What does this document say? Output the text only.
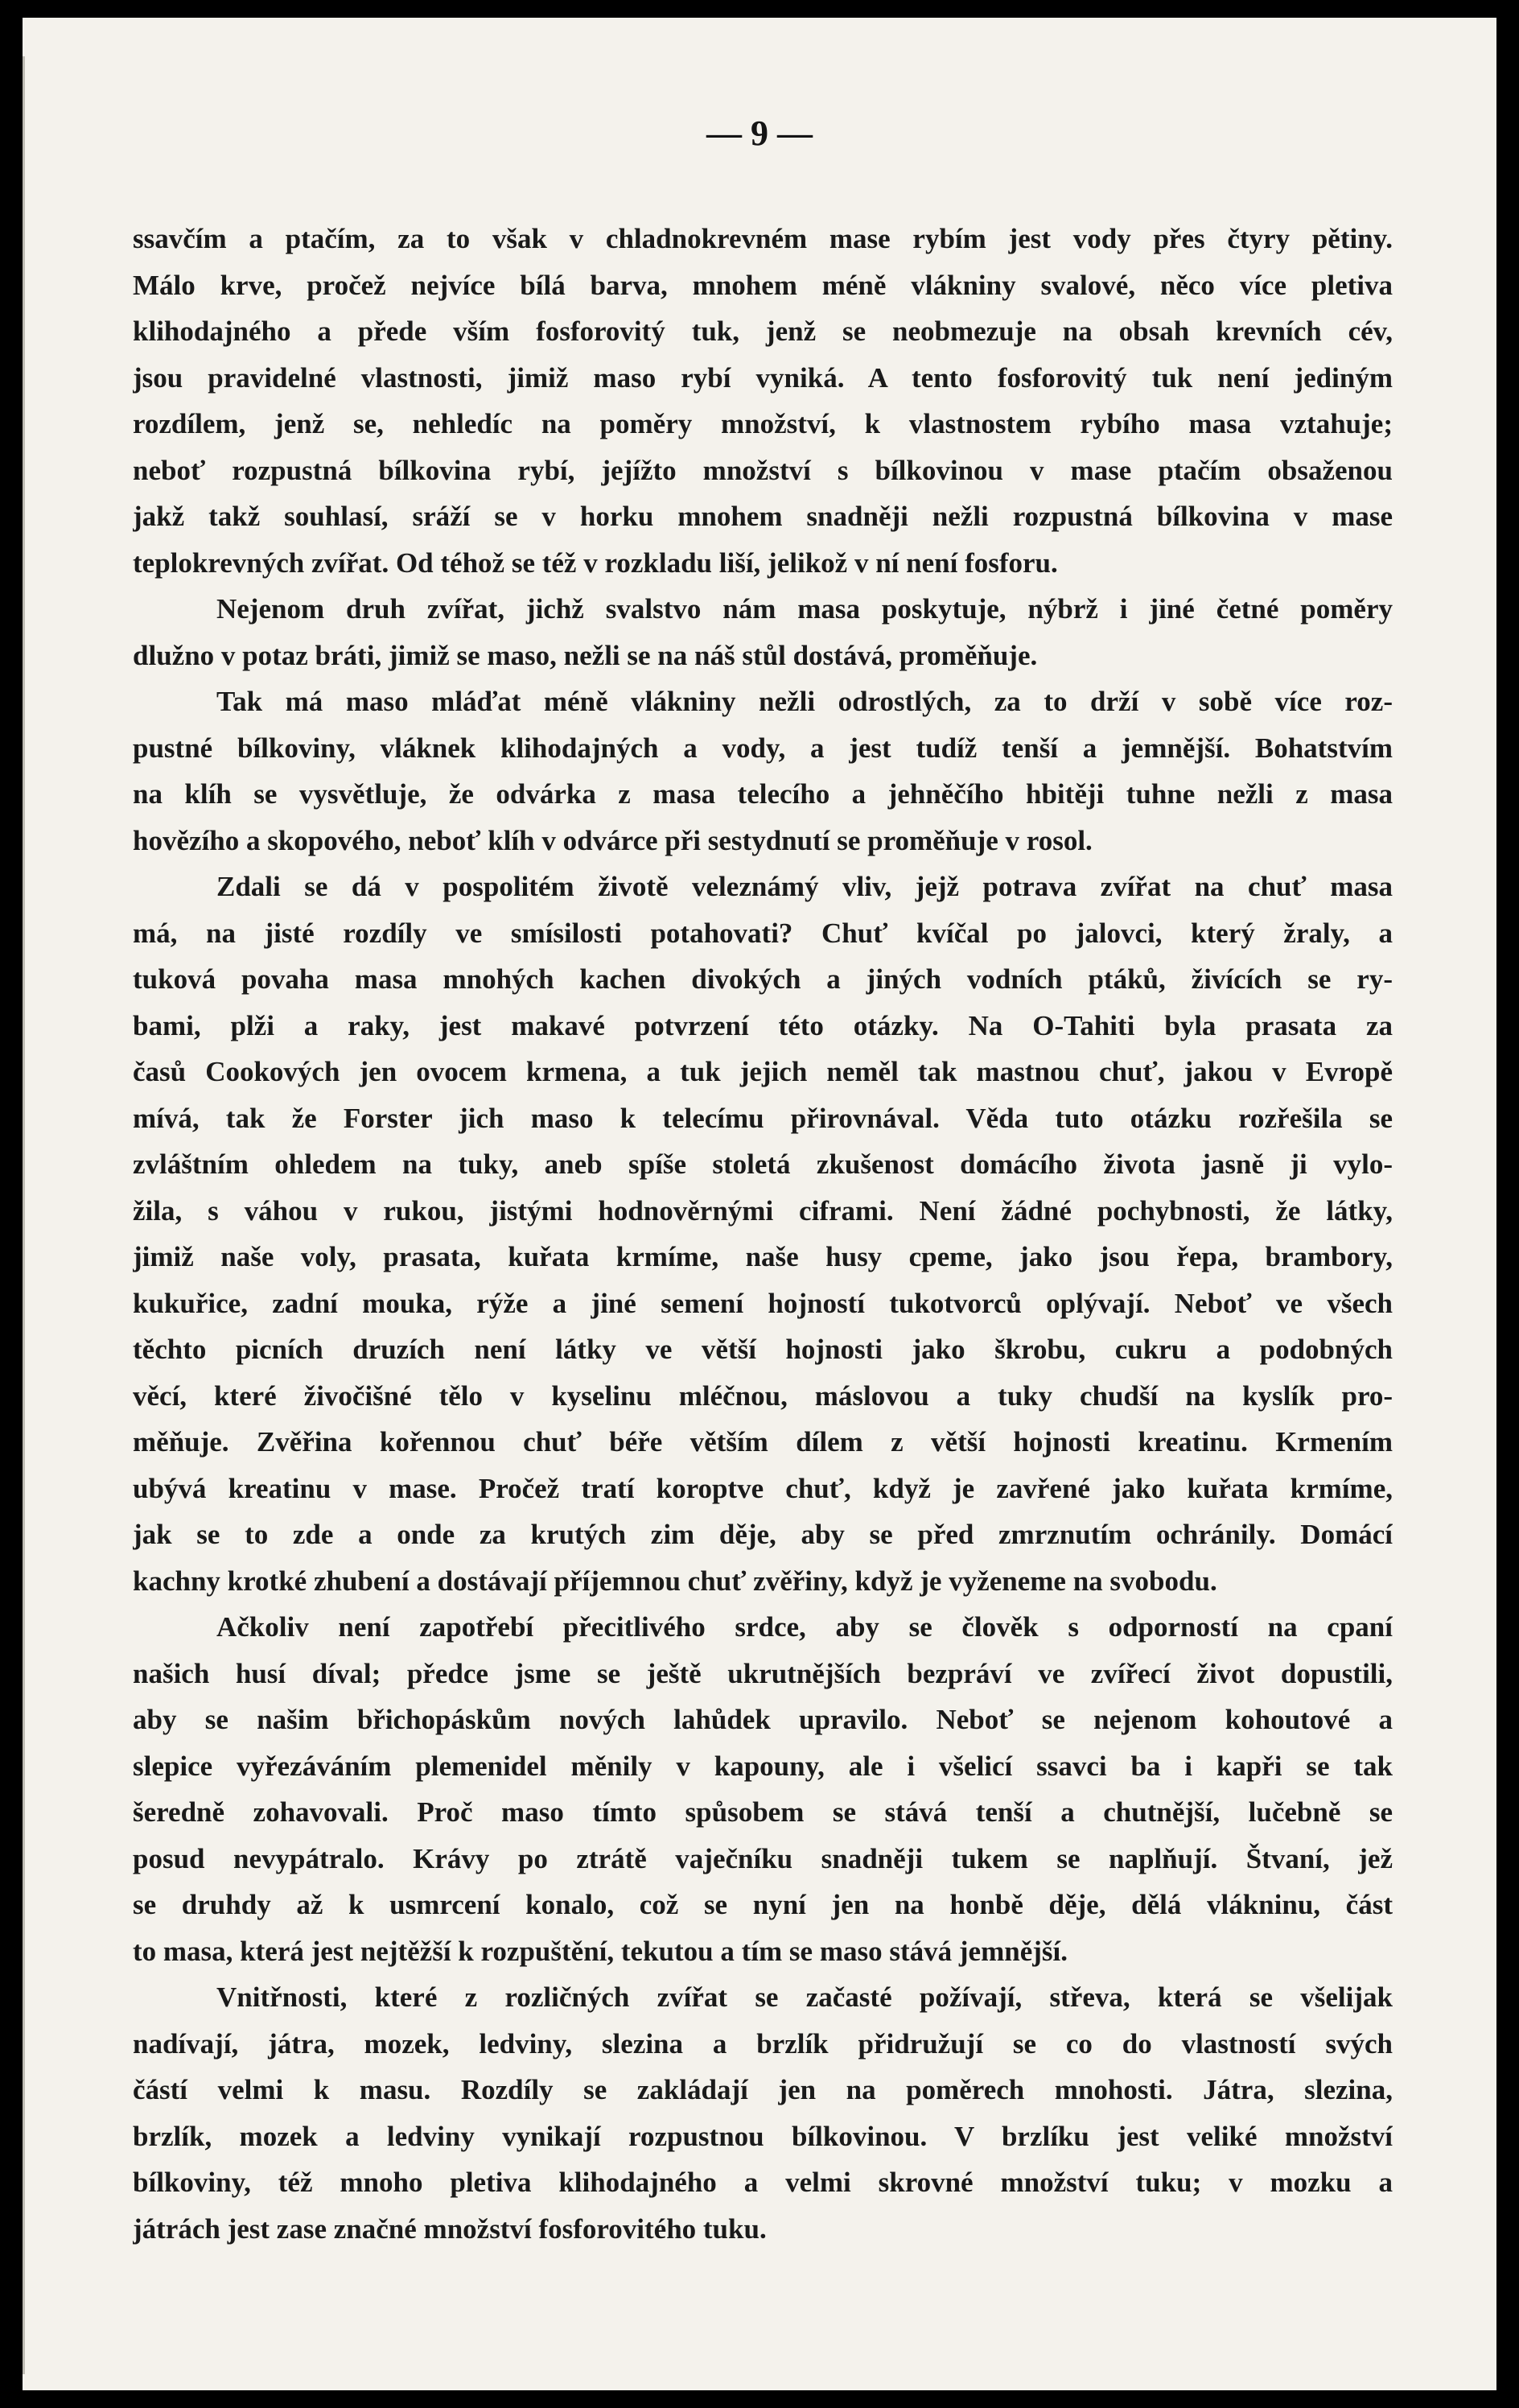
— 9 —
ssavčím a ptačím, za to však v chladnokrevném mase rybím jest vody přes čtyry pětiny.
Málo krve, pročež nejvíce bílá barva, mnohem méně vlákniny svalové, něco více pletiva
klihodajného a přede vším fosforovitý tuk, jenž se neobmezuje na obsah krevních cév,
jsou pravidelné vlastnosti, jimiž maso rybí vyniká. A tento fosforovitý tuk není jediným
rozdílem, jenž se, nehledíc na poměry množství, k vlastnostem rybího masa vztahuje;
neboť rozpustná bílkovina rybí, jejížto množství s bílkovinou v mase ptačím obsaženou
jakž takž souhlasí, sráží se v horku mnohem snadněji nežli rozpustná bílkovina v mase
teplokrevných zvířat. Od téhož se též v rozkladu liší, jelikož v ní není fosforu.
Nejenom druh zvířat, jichž svalstvo nám masa poskytuje, nýbrž i jiné četné poměry
dlužno v potaz bráti, jimiž se maso, nežli se na náš stůl dostává, proměňuje.
Tak má maso mláďat méně vlákniny nežli odrostlých, za to drží v sobě více roz-
pustné bílkoviny, vláknek klihodajných a vody, a jest tudíž tenší a jemnější. Bohatstvím
na klíh se vysvětluje, že odvárka z masa telecího a jehněčího hbitěji tuhne nežli z masa
hovězího a skopového, neboť klíh v odvárce při sestydnutí se proměňuje v rosol.
Zdali se dá v pospolitém životě veleznámý vliv, jejž potrava zvířat na chuť masa
má, na jisté rozdíly ve smísilosti potahovati? Chuť kvíčal po jalovci, který žraly, a
tuková povaha masa mnohých kachen divokých a jiných vodních ptáků, živících se ry-
bami, plži a raky, jest makavé potvrzení této otázky. Na O-Tahiti byla prasata za
časů Cookových jen ovocem krmena, a tuk jejich neměl tak mastnou chuť, jakou v Evropě
mívá, tak že Forster jich maso k telecímu přirovnával. Věda tuto otázku rozřešila se
zvláštním ohledem na tuky, aneb spíše stoletá zkušenost domácího života jasně ji vylo-
žila, s váhou v rukou, jistými hodnověrnými ciframi. Není žádné pochybnosti, že látky,
jimiž naše voly, prasata, kuřata krmíme, naše husy cpeme, jako jsou řepa, brambory,
kukuřice, zadní mouka, rýže a jiné semení hojností tukotvorců oplývají. Neboť ve všech
těchto picních druzích není látky ve větší hojnosti jako škrobu, cukru a podobných
věcí, které živočišné tělo v kyselinu mléčnou, máslovou a tuky chudší na kyslík pro-
měňuje. Zvěřina kořennou chuť béře větším dílem z větší hojnosti kreatinu. Krmením
ubývá kreatinu v mase. Pročež tratí koroptve chuť, když je zavřené jako kuřata krmíme,
jak se to zde a onde za krutých zim děje, aby se před zmrznutím ochránily. Domácí
kachny krotké zhubení a dostávají příjemnou chuť zvěřiny, když je vyženeme na svobodu.
Ačkoliv není zapotřebí přecitlivého srdce, aby se člověk s odporností na cpaní
našich husí díval; předce jsme se ještě ukrutnějších bezpráví ve zvířecí život dopustili,
aby se našim břichopáskům nových lahůdek upravilo. Neboť se nejenom kohoutové a
slepice vyřezáváním plemenidel měnily v kapouny, ale i všelicí ssavci ba i kapři se tak
šeredně zohavovali. Proč maso tímto spůsobem se stává tenší a chutnější, lučebně se
posud nevypátralo. Krávy po ztrátě vaječníku snadněji tukem se naplňují. Štvaní, jež
se druhdy až k usmrcení konalo, což se nyní jen na honbě děje, dělá vlákninu, část
to masa, která jest nejtěžší k rozpuštění, tekutou a tím se maso stává jemnější.
Vnitřnosti, které z rozličných zvířat se začasté požívají, střeva, která se všelijak
nadívají, játra, mozek, ledviny, slezina a brzlík přidružují se co do vlastností svých
částí velmi k masu. Rozdíly se zakládají jen na poměrech mnohosti. Játra, slezina,
brzlík, mozek a ledviny vynikají rozpustnou bílkovinou. V brzlíku jest veliké množství
bílkoviny, též mnoho pletiva klihodajného a velmi skrovné množství tuku; v mozku a
játrách jest zase značné množství fosforovitého tuku.
